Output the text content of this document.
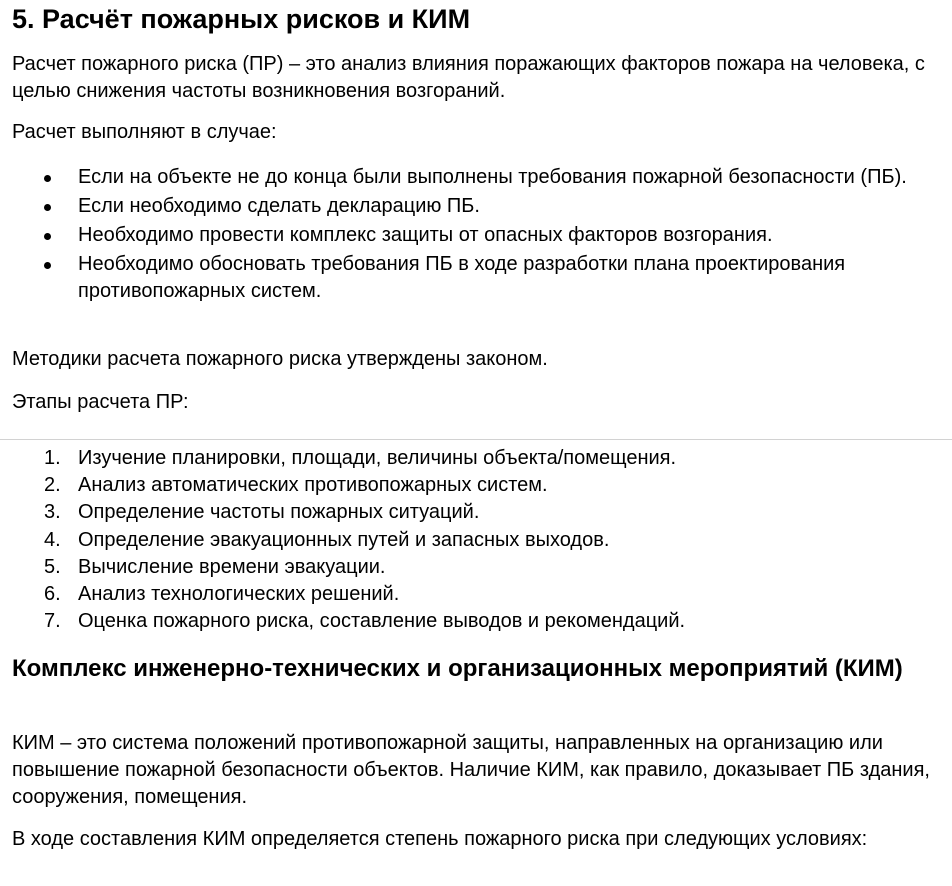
5. Расчёт пожарных рисков и КИМ
Расчет пожарного риска (ПР) – это анализ влияния поражающих факторов пожара на человека, с целью снижения частоты возникновения возгораний.
Расчет выполняют в случае:
Если на объекте не до конца были выполнены требования пожарной безопасности (ПБ).
Если необходимо сделать декларацию ПБ.
Необходимо провести комплекс защиты от опасных факторов возгорания.
Необходимо обосновать требования ПБ в ходе разработки плана проектирования противопожарных систем.
Методики расчета пожарного риска утверждены законом.
Этапы расчета ПР:
1. Изучение планировки, площади, величины объекта/помещения.
2. Анализ автоматических противопожарных систем.
3. Определение частоты пожарных ситуаций.
4. Определение эвакуационных путей и запасных выходов.
5. Вычисление времени эвакуации.
6. Анализ технологических решений.
7. Оценка пожарного риска, составление выводов и рекомендаций.
Комплекс инженерно-технических и организационных мероприятий (КИМ)
КИМ – это система положений противопожарной защиты, направленных на организацию или повышение пожарной безопасности объектов. Наличие КИМ, как правило, доказывает ПБ здания, сооружения, помещения.
В ходе составления КИМ определяется степень пожарного риска при следующих условиях:
